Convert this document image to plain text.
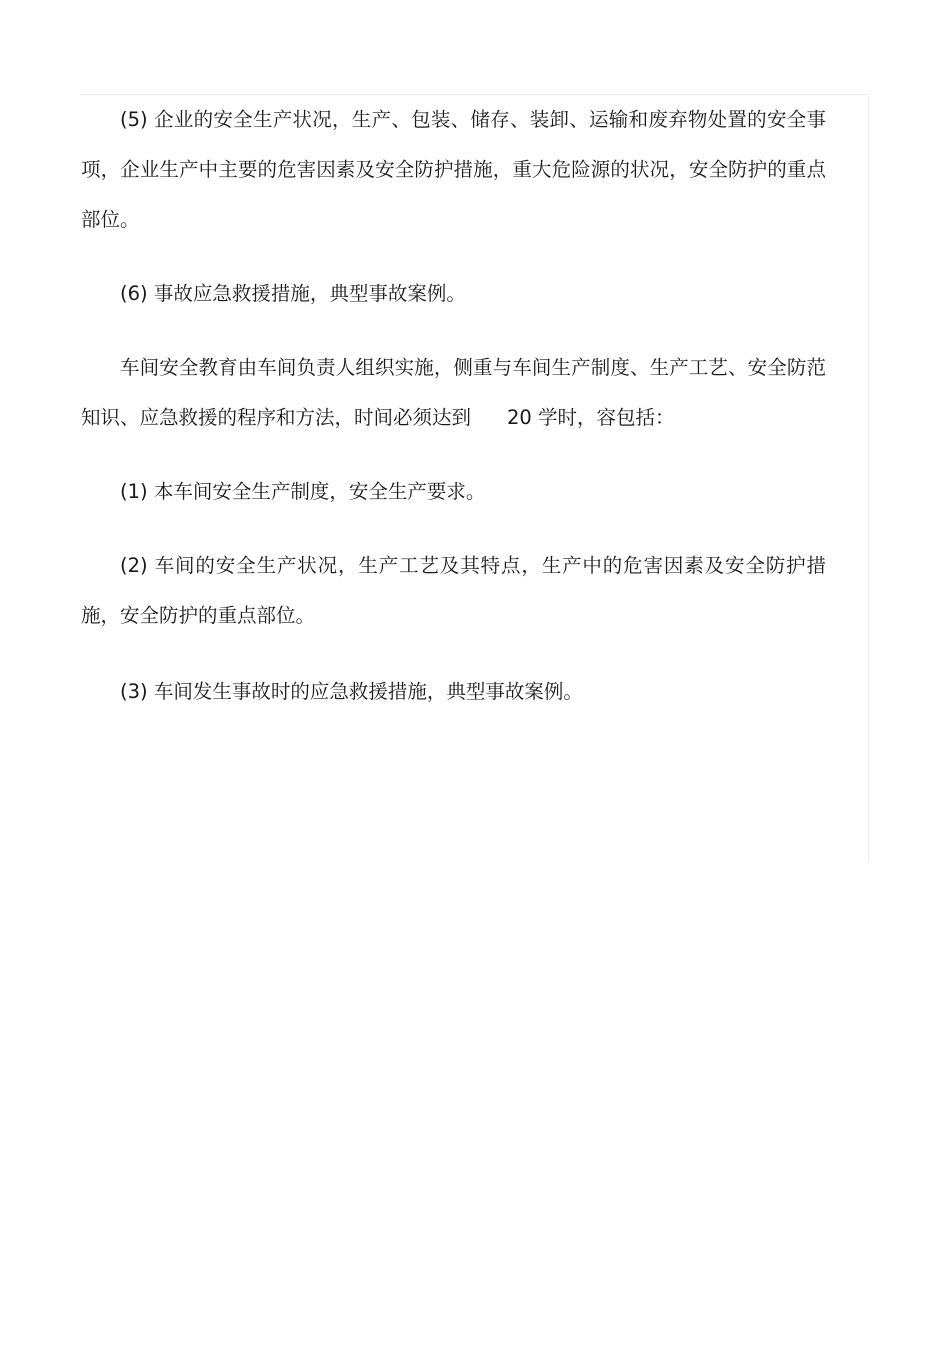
(5) 企业的安全生产状况，生产、包装、储存、装卸、运输和废弃物处置的安全事项，企业生产中主要的危害因素及安全防护措施，重大危险源的状况，安全防护的重点部位。

(6) 事故应急救援措施，典型事故案例。

车间安全教育由车间负责人组织实施，侧重与车间生产制度、生产工艺、安全防范知识、应急救援的程序和方法，时间必须达到 20 学时，容包括：

(1) 本车间安全生产制度，安全生产要求。

(2) 车间的安全生产状况，生产工艺及其特点，生产中的危害因素及安全防护措施，安全防护的重点部位。

(3) 车间发生事故时的应急救援措施，典型事故案例。
